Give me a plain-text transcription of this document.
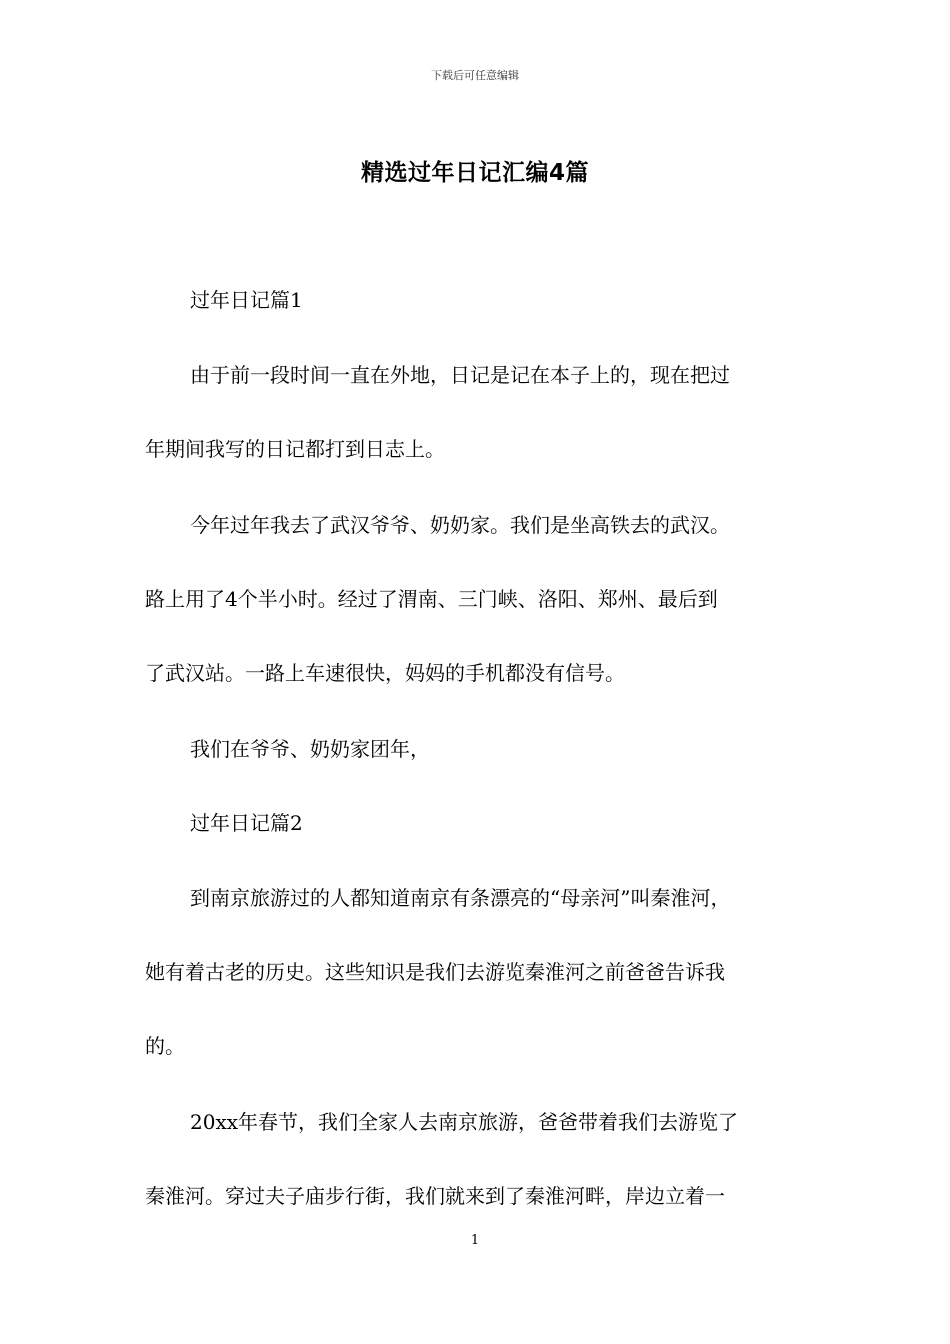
下载后可任意编辑
精选过年日记汇编4篇
过年日记篇1
由于前一段时间一直在外地，日记是记在本子上的，现在把过
年期间我写的日记都打到日志上。
今年过年我去了武汉爷爷、奶奶家。我们是坐高铁去的武汉。
路上用了4个半小时。经过了渭南、三门峡、洛阳、郑州、最后到
了武汉站。一路上车速很快，妈妈的手机都没有信号。
我们在爷爷、奶奶家团年，
过年日记篇2
到南京旅游过的人都知道南京有条漂亮的“母亲河”叫秦淮河，
她有着古老的历史。这些知识是我们去游览秦淮河之前爸爸告诉我
的。
20xx年春节，我们全家人去南京旅游，爸爸带着我们去游览了
秦淮河。穿过夫子庙步行街，我们就来到了秦淮河畔，岸边立着一
1
